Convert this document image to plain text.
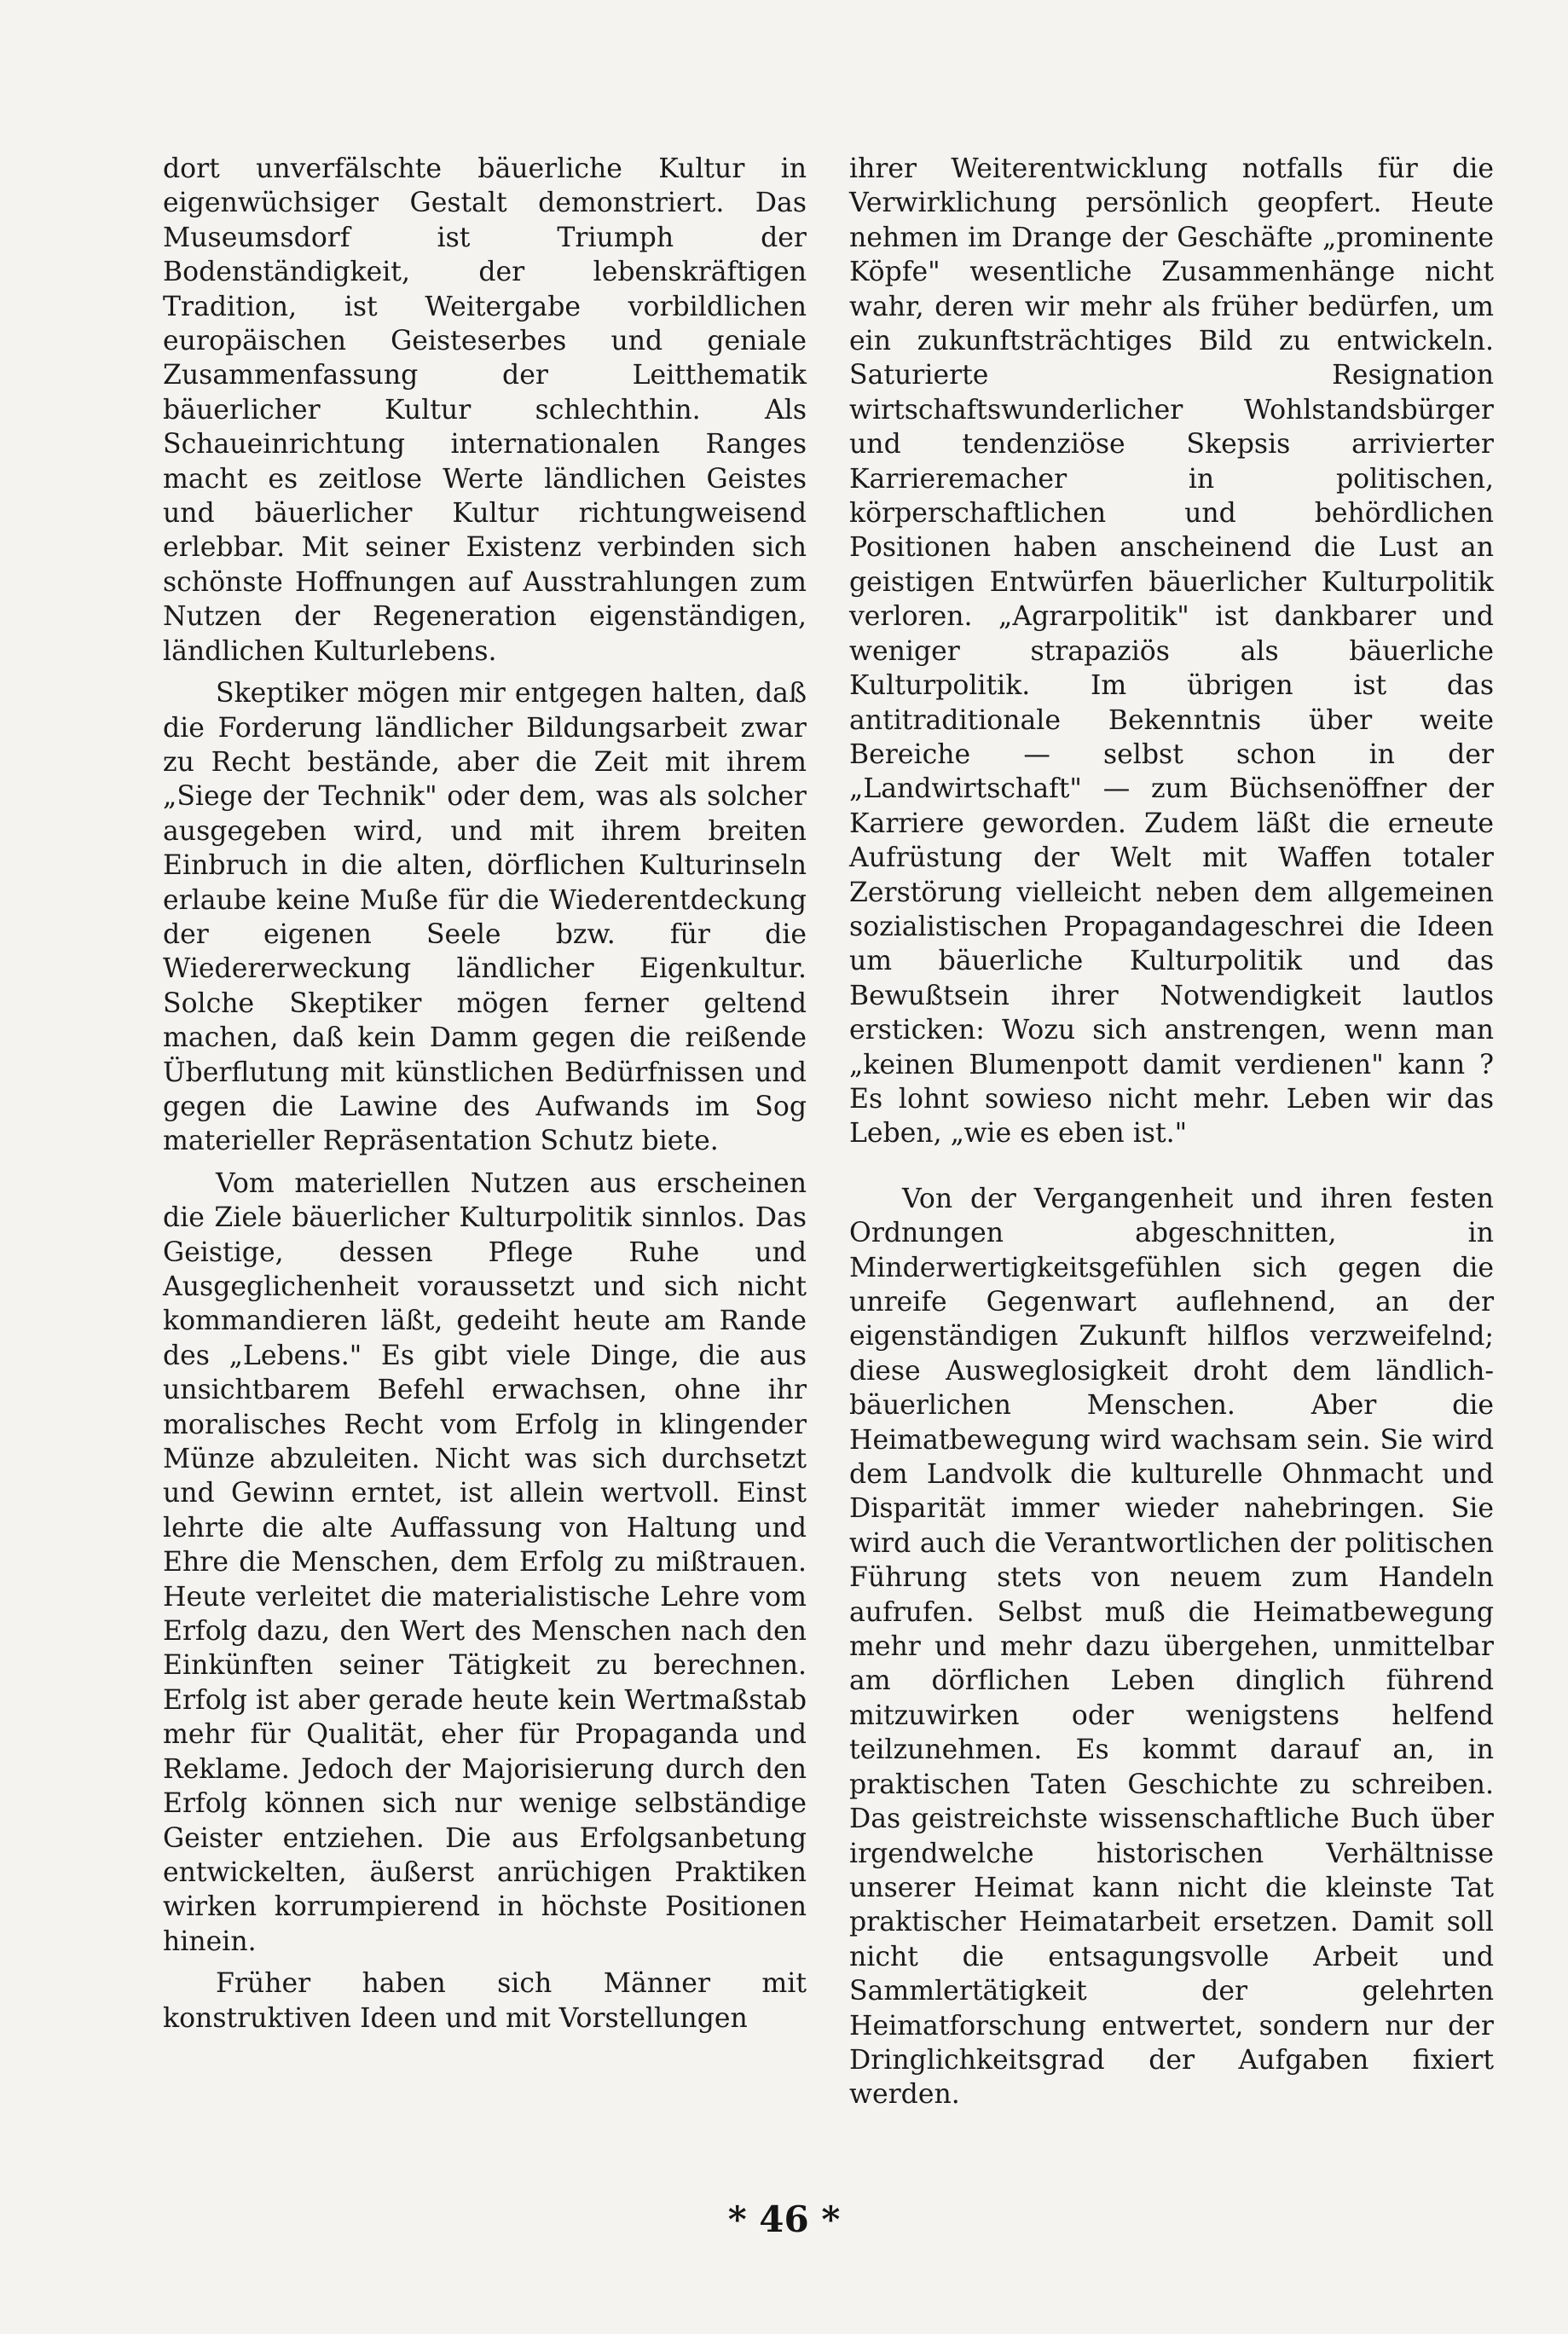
dort unverfälschte bäuerliche Kultur in eigenwüchsiger Gestalt demonstriert. Das Museumsdorf ist Triumph der Bodenständigkeit, der lebenskräftigen Tradition, ist Weitergabe vorbildlichen europäischen Geisteserbes und geniale Zusammenfassung der Leitthematik bäuerlicher Kultur schlechthin. Als Schaueinrichtung internationalen Ranges macht es zeitlose Werte ländlichen Geistes und bäuerlicher Kultur richtungweisend erlebbar. Mit seiner Existenz verbinden sich schönste Hoffnungen auf Ausstrahlungen zum Nutzen der Regeneration eigenständigen, ländlichen Kulturlebens.

Skeptiker mögen mir entgegen halten, daß die Forderung ländlicher Bildungsarbeit zwar zu Recht bestände, aber die Zeit mit ihrem „Siege der Technik" oder dem, was als solcher ausgegeben wird, und mit ihrem breiten Einbruch in die alten, dörflichen Kulturinseln erlaube keine Muße für die Wiederentdeckung der eigenen Seele bzw. für die Wiedererweckung ländlicher Eigenkultur. Solche Skeptiker mögen ferner geltend machen, daß kein Damm gegen die reißende Überflutung mit künstlichen Bedürfnissen und gegen die Lawine des Aufwands im Sog materieller Repräsentation Schutz biete.

Vom materiellen Nutzen aus erscheinen die Ziele bäuerlicher Kulturpolitik sinnlos. Das Geistige, dessen Pflege Ruhe und Ausgeglichenheit voraussetzt und sich nicht kommandieren läßt, gedeiht heute am Rande des „Lebens." Es gibt viele Dinge, die aus unsichtbarem Befehl erwachsen, ohne ihr moralisches Recht vom Erfolg in klingender Münze abzuleiten. Nicht was sich durchsetzt und Gewinn erntet, ist allein wertvoll. Einst lehrte die alte Auffassung von Haltung und Ehre die Menschen, dem Erfolg zu mißtrauen. Heute verleitet die materialistische Lehre vom Erfolg dazu, den Wert des Menschen nach den Einkünften seiner Tätigkeit zu berechnen. Erfolg ist aber gerade heute kein Wertmaßstab mehr für Qualität, eher für Propaganda und Reklame. Jedoch der Majorisierung durch den Erfolg können sich nur wenige selbständige Geister entziehen. Die aus Erfolgsanbetung entwickelten, äußerst anrüchigen Praktiken wirken korrumpierend in höchste Positionen hinein.

Früher haben sich Männer mit konstruktiven Ideen und mit Vorstellungen

ihrer Weiterentwicklung notfalls für die Verwirklichung persönlich geopfert. Heute nehmen im Drange der Geschäfte „prominente Köpfe" wesentliche Zusammenhänge nicht wahr, deren wir mehr als früher bedürfen, um ein zukunftsträchtiges Bild zu entwickeln. Saturierte Resignation wirtschaftswunderlicher Wohlstandsbürger und tendenziöse Skepsis arrivierter Karrieremacher in politischen, körperschaftlichen und behördlichen Positionen haben anscheinend die Lust an geistigen Entwürfen bäuerlicher Kulturpolitik verloren. „Agrarpolitik" ist dankbarer und weniger strapaziös als bäuerliche Kulturpolitik. Im übrigen ist das antitraditionale Bekenntnis über weite Bereiche — selbst schon in der „Landwirtschaft" — zum Büchsenöffner der Karriere geworden. Zudem läßt die erneute Aufrüstung der Welt mit Waffen totaler Zerstörung vielleicht neben dem allgemeinen sozialistischen Propagandageschrei die Ideen um bäuerliche Kulturpolitik und das Bewußtsein ihrer Notwendigkeit lautlos ersticken: Wozu sich anstrengen, wenn man „keinen Blumenpott damit verdienen" kann ? Es lohnt sowieso nicht mehr. Leben wir das Leben, „wie es eben ist."

Von der Vergangenheit und ihren festen Ordnungen abgeschnitten, in Minderwertigkeitsgefühlen sich gegen die unreife Gegenwart auflehnend, an der eigenständigen Zukunft hilflos verzweifelnd; diese Ausweglosigkeit droht dem ländlich-bäuerlichen Menschen. Aber die Heimatbewegung wird wachsam sein. Sie wird dem Landvolk die kulturelle Ohnmacht und Disparität immer wieder nahebringen. Sie wird auch die Verantwortlichen der politischen Führung stets von neuem zum Handeln aufrufen. Selbst muß die Heimatbewegung mehr und mehr dazu übergehen, unmittelbar am dörflichen Leben dinglich führend mitzuwirken oder wenigstens helfend teilzunehmen. Es kommt darauf an, in praktischen Taten Geschichte zu schreiben. Das geistreichste wissenschaftliche Buch über irgendwelche historischen Verhältnisse unserer Heimat kann nicht die kleinste Tat praktischer Heimatarbeit ersetzen. Damit soll nicht die entsagungsvolle Arbeit und Sammlertätigkeit der gelehrten Heimatforschung entwertet, sondern nur der Dringlichkeitsgrad der Aufgaben fixiert werden.

* 46 *
